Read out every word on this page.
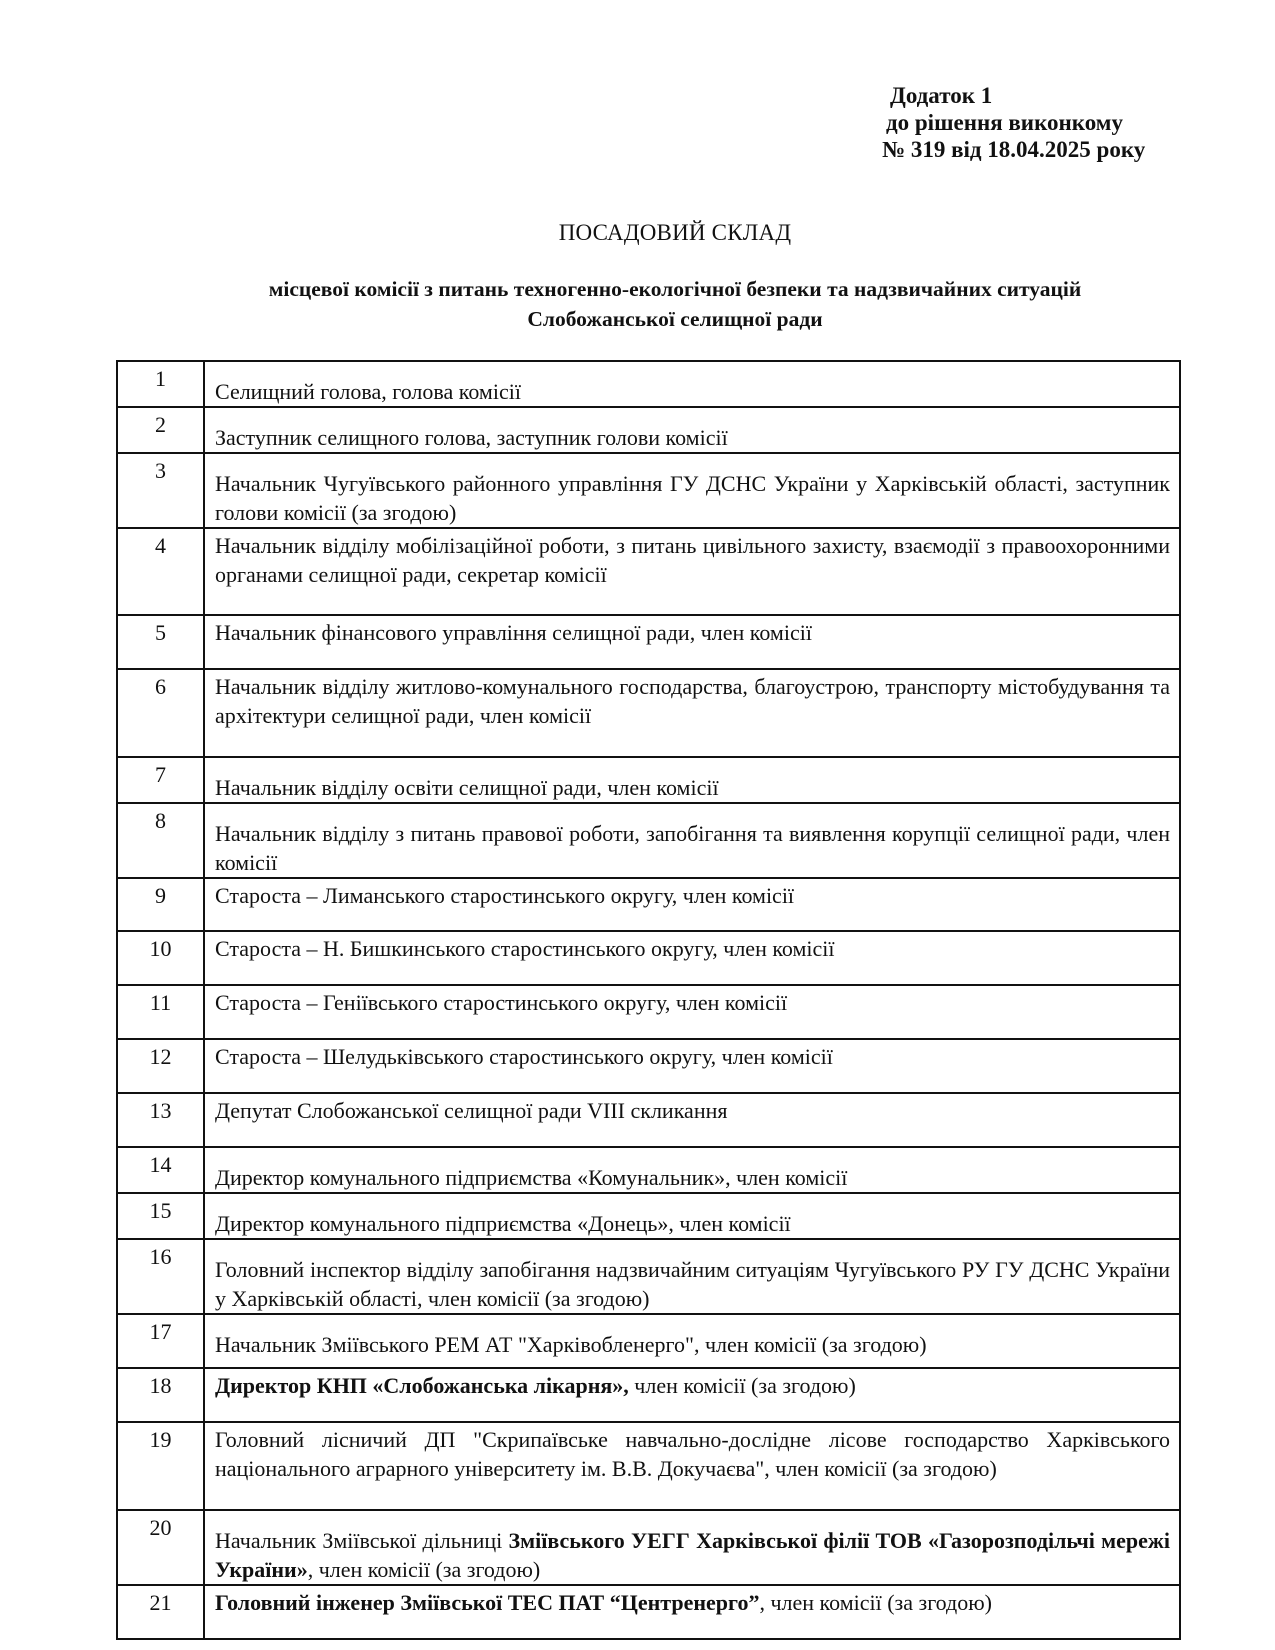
Додаток 1
до рішення виконкому
№ 319 від 18.04.2025 року
ПОСАДОВИЙ СКЛАД
місцевої комісії з питань техногенно-екологічної безпеки та надзвичайних ситуацій
Слобожанської селищної ради
1	Селищний голова, голова комісії
2	Заступник селищного голова, заступник голови комісії
3	Начальник Чугуївського районного управління ГУ ДСНС України у Харківській області, заступник голови комісії (за згодою)
4	Начальник відділу мобілізаційної роботи, з питань цивільного захисту, взаємодії з правоохоронними органами селищної ради, секретар комісії
5	Начальник фінансового управління селищної ради, член комісії
6	Начальник відділу житлово-комунального господарства, благоустрою, транспорту містобудування та архітектури селищної ради, член комісії
7	Начальник відділу освіти селищної ради, член комісії
8	Начальник відділу з питань правової роботи, запобігання та виявлення корупції селищної ради, член комісії
9	Староста – Лиманського старостинського округу, член комісії
10	Староста – Н. Бишкинського старостинського округу, член комісії
11	Староста – Геніївського старостинського округу, член комісії
12	Староста – Шелудьківського старостинського округу, член комісії
13	Депутат Слобожанської селищної ради VIII скликання
14	Директор комунального підприємства «Комунальник», член комісії
15	Директор комунального підприємства «Донець», член комісії
16	Головний інспектор відділу запобігання надзвичайним ситуаціям Чугуївського РУ ГУ ДСНС України у Харківській області, член комісії (за згодою)
17	Начальник Зміївського РЕМ АТ "Харківобленерго", член комісії (за згодою)
18	Директор КНП «Слобожанська лікарня», член комісії (за згодою)
19	Головний лісничий ДП "Скрипаївське навчально-дослідне лісове господарство Харківського національного аграрного університету ім. В.В. Докучаєва", член комісії (за згодою)
20	Начальник Зміївської дільниці Зміївського УЕГГ Харківської філії ТОВ «Газорозподільчі мережі України», член комісії (за згодою)
21	Головний інженер Зміївської ТЕС ПАТ “Центренерго”, член комісії (за згодою)
